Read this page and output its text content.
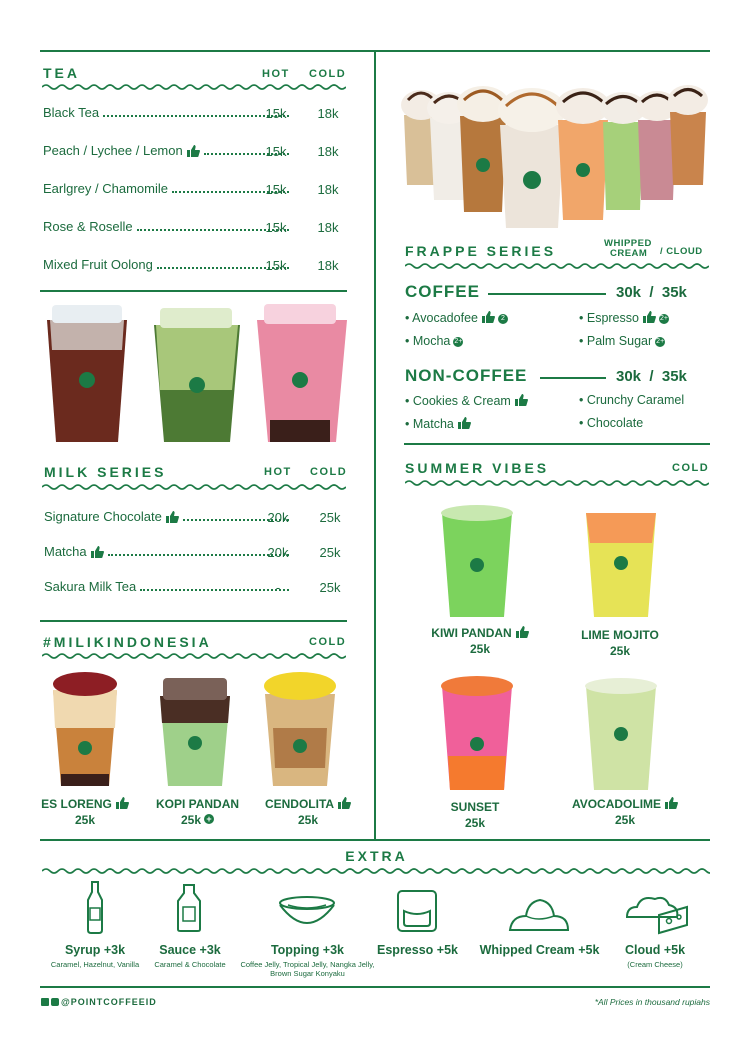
TEA	HOT COLD
Black Tea	15k	18k
Peach / Lychee / Lemon	15k	18k
Earlgrey / Chamomile	15k	18k
Rose & Roselle	15k	18k
Mixed Fruit Oolong	15k	18k
MILK SERIES	HOT COLD
Signature Chocolate	20k	25k
Matcha	20k	25k
Sakura Milk Tea	-	25k
#MILIKINDONESIA	COLD
ES LORENG
25k
KOPI PANDAN
25k +
CENDOLITA
25k
FRAPPE SERIES	WHIPPED
CREAM / CLOUD
COFFEE	30k  /  35k
• Avocadofee	2	• Espresso	2+
• Mocha 2+	• Palm Sugar 2+
NON-COFFEE	30k  /  35k
• Cookies & Cream	• Crunchy Caramel
• Matcha	• Chocolate
SUMMER VIBES	COLD
KIWI PANDAN
25k
LIME MOJITO
25k
SUNSET
25k
AVOCADOLIME
25k
EXTRA
Syrup +3k
Caramel, Hazelnut, Vanilla
Sauce +3k
Caramel & Chocolate
Topping +3k
Coffee Jelly, Tropical Jelly, Nangka Jelly, Brown Sugar Konyaku
Espresso +5k	Whipped Cream +5k	Cloud +5k
(Cream Cheese)
@POINTCOFFEEID	*All Prices in thousand rupiahs
